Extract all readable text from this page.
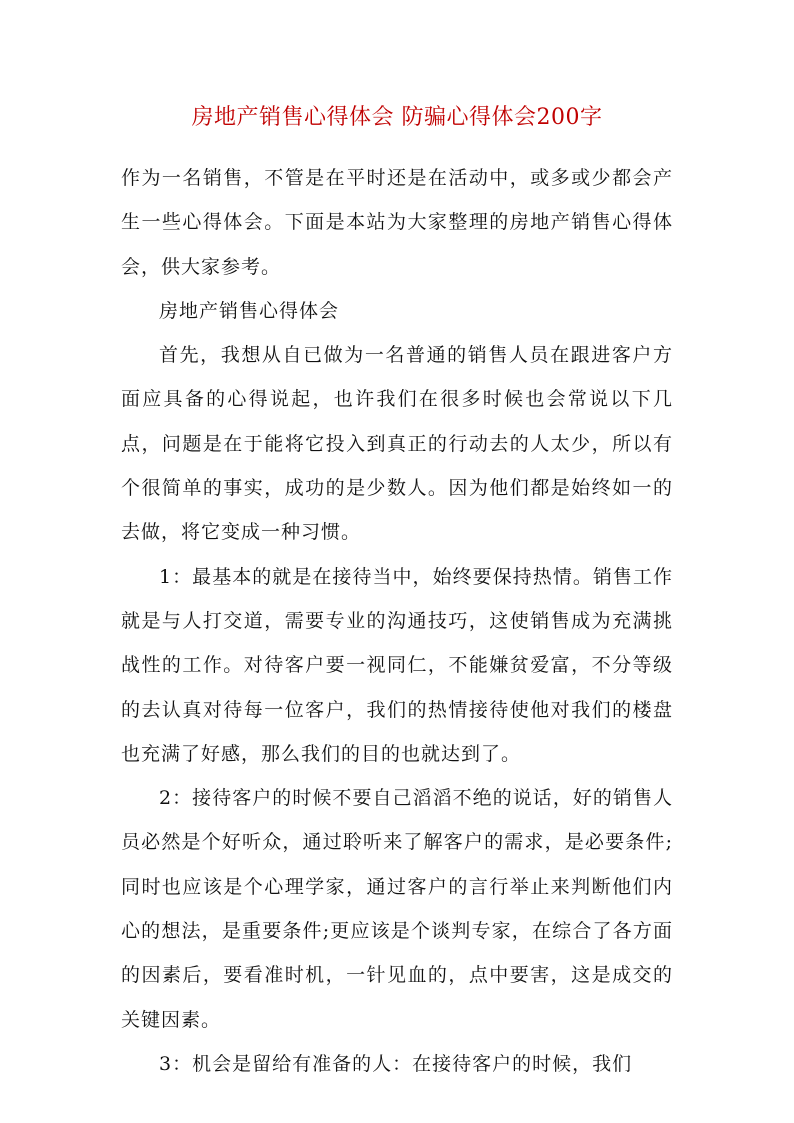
房地产销售心得体会 防骗心得体会200字

作为一名销售，不管是在平时还是在活动中，或多或少都会产生一些心得体会。下面是本站为大家整理的房地产销售心得体会，供大家参考。

房地产销售心得体会

首先，我想从自已做为一名普通的销售人员在跟进客户方面应具备的心得说起，也许我们在很多时候也会常说以下几点，问题是在于能将它投入到真正的行动去的人太少，所以有个很简单的事实，成功的是少数人。因为他们都是始终如一的去做，将它变成一种习惯。

1：最基本的就是在接待当中，始终要保持热情。销售工作就是与人打交道，需要专业的沟通技巧，这使销售成为充满挑战性的工作。对待客户要一视同仁，不能嫌贫爱富，不分等级的去认真对待每一位客户，我们的热情接待使他对我们的楼盘也充满了好感，那么我们的目的也就达到了。

2：接待客户的时候不要自己滔滔不绝的说话，好的销售人员必然是个好听众，通过聆听来了解客户的需求，是必要条件;同时也应该是个心理学家，通过客户的言行举止来判断他们内心的想法，是重要条件;更应该是个谈判专家，在综合了各方面的因素后，要看准时机，一针见血的，点中要害，这是成交的关键因素。

3：机会是留给有准备的人：在接待客户的时候，我们
